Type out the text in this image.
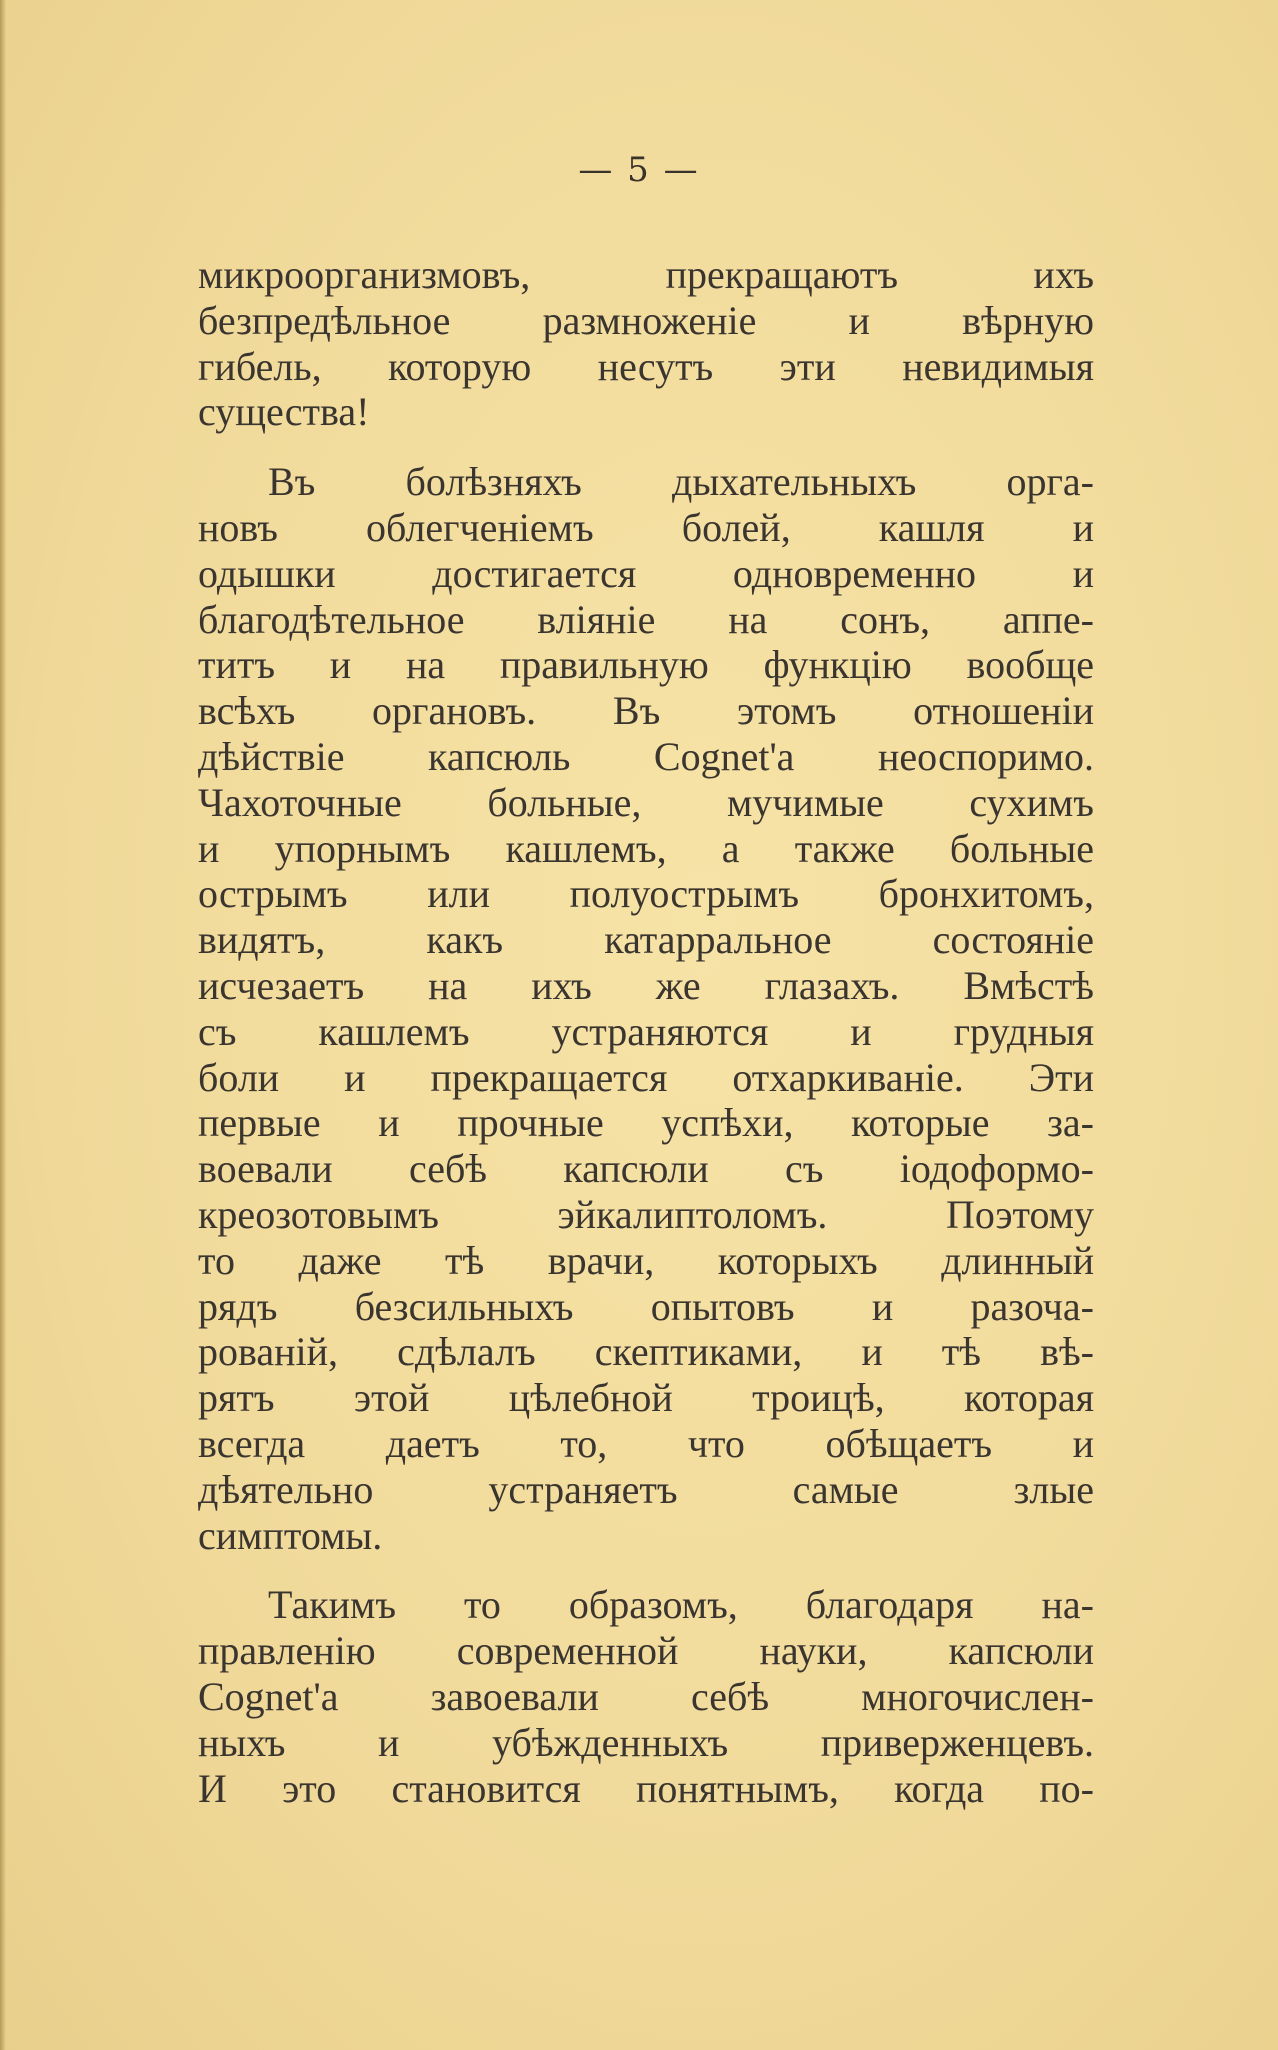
— 5 —
микроорганизмовъ, прекращаютъ ихъ
безпредѣльное размноженіе и вѣрную
гибель, которую несутъ эти невидимыя
существа!
Въ болѣзняхъ дыхательныхъ орга-
новъ облегченіемъ болей, кашля и
одышки достигается одновременно и
благодѣтельное вліяніе на сонъ, аппе-
титъ и на правильную функцію вообще
всѣхъ органовъ. Въ этомъ отношеніи
дѣйствіе капсюль Cognet'а неоспоримо.
Чахоточные больные, мучимые сухимъ
и упорнымъ кашлемъ, а также больные
острымъ или полуострымъ бронхитомъ,
видятъ, какъ катарральное состояніе
исчезаетъ на ихъ же глазахъ. Вмѣстѣ
съ кашлемъ устраняются и грудныя
боли и прекращается отхаркиваніе. Эти
первые и прочные успѣхи, которые за-
воевали себѣ капсюли съ іодоформо-
креозотовымъ эйкалиптоломъ. Поэтому
то даже тѣ врачи, которыхъ длинный
рядъ безсильныхъ опытовъ и разоча-
рованій, сдѣлалъ скептиками, и тѣ вѣ-
рятъ этой цѣлебной троицѣ, которая
всегда даетъ то, что обѣщаетъ и
дѣятельно устраняетъ самые злые
симптомы.
Такимъ то образомъ, благодаря на-
правленію современной науки, капсюли
Cognet'а завоевали себѣ многочислен-
ныхъ и убѣжденныхъ приверженцевъ.
И это становится понятнымъ, когда по-
